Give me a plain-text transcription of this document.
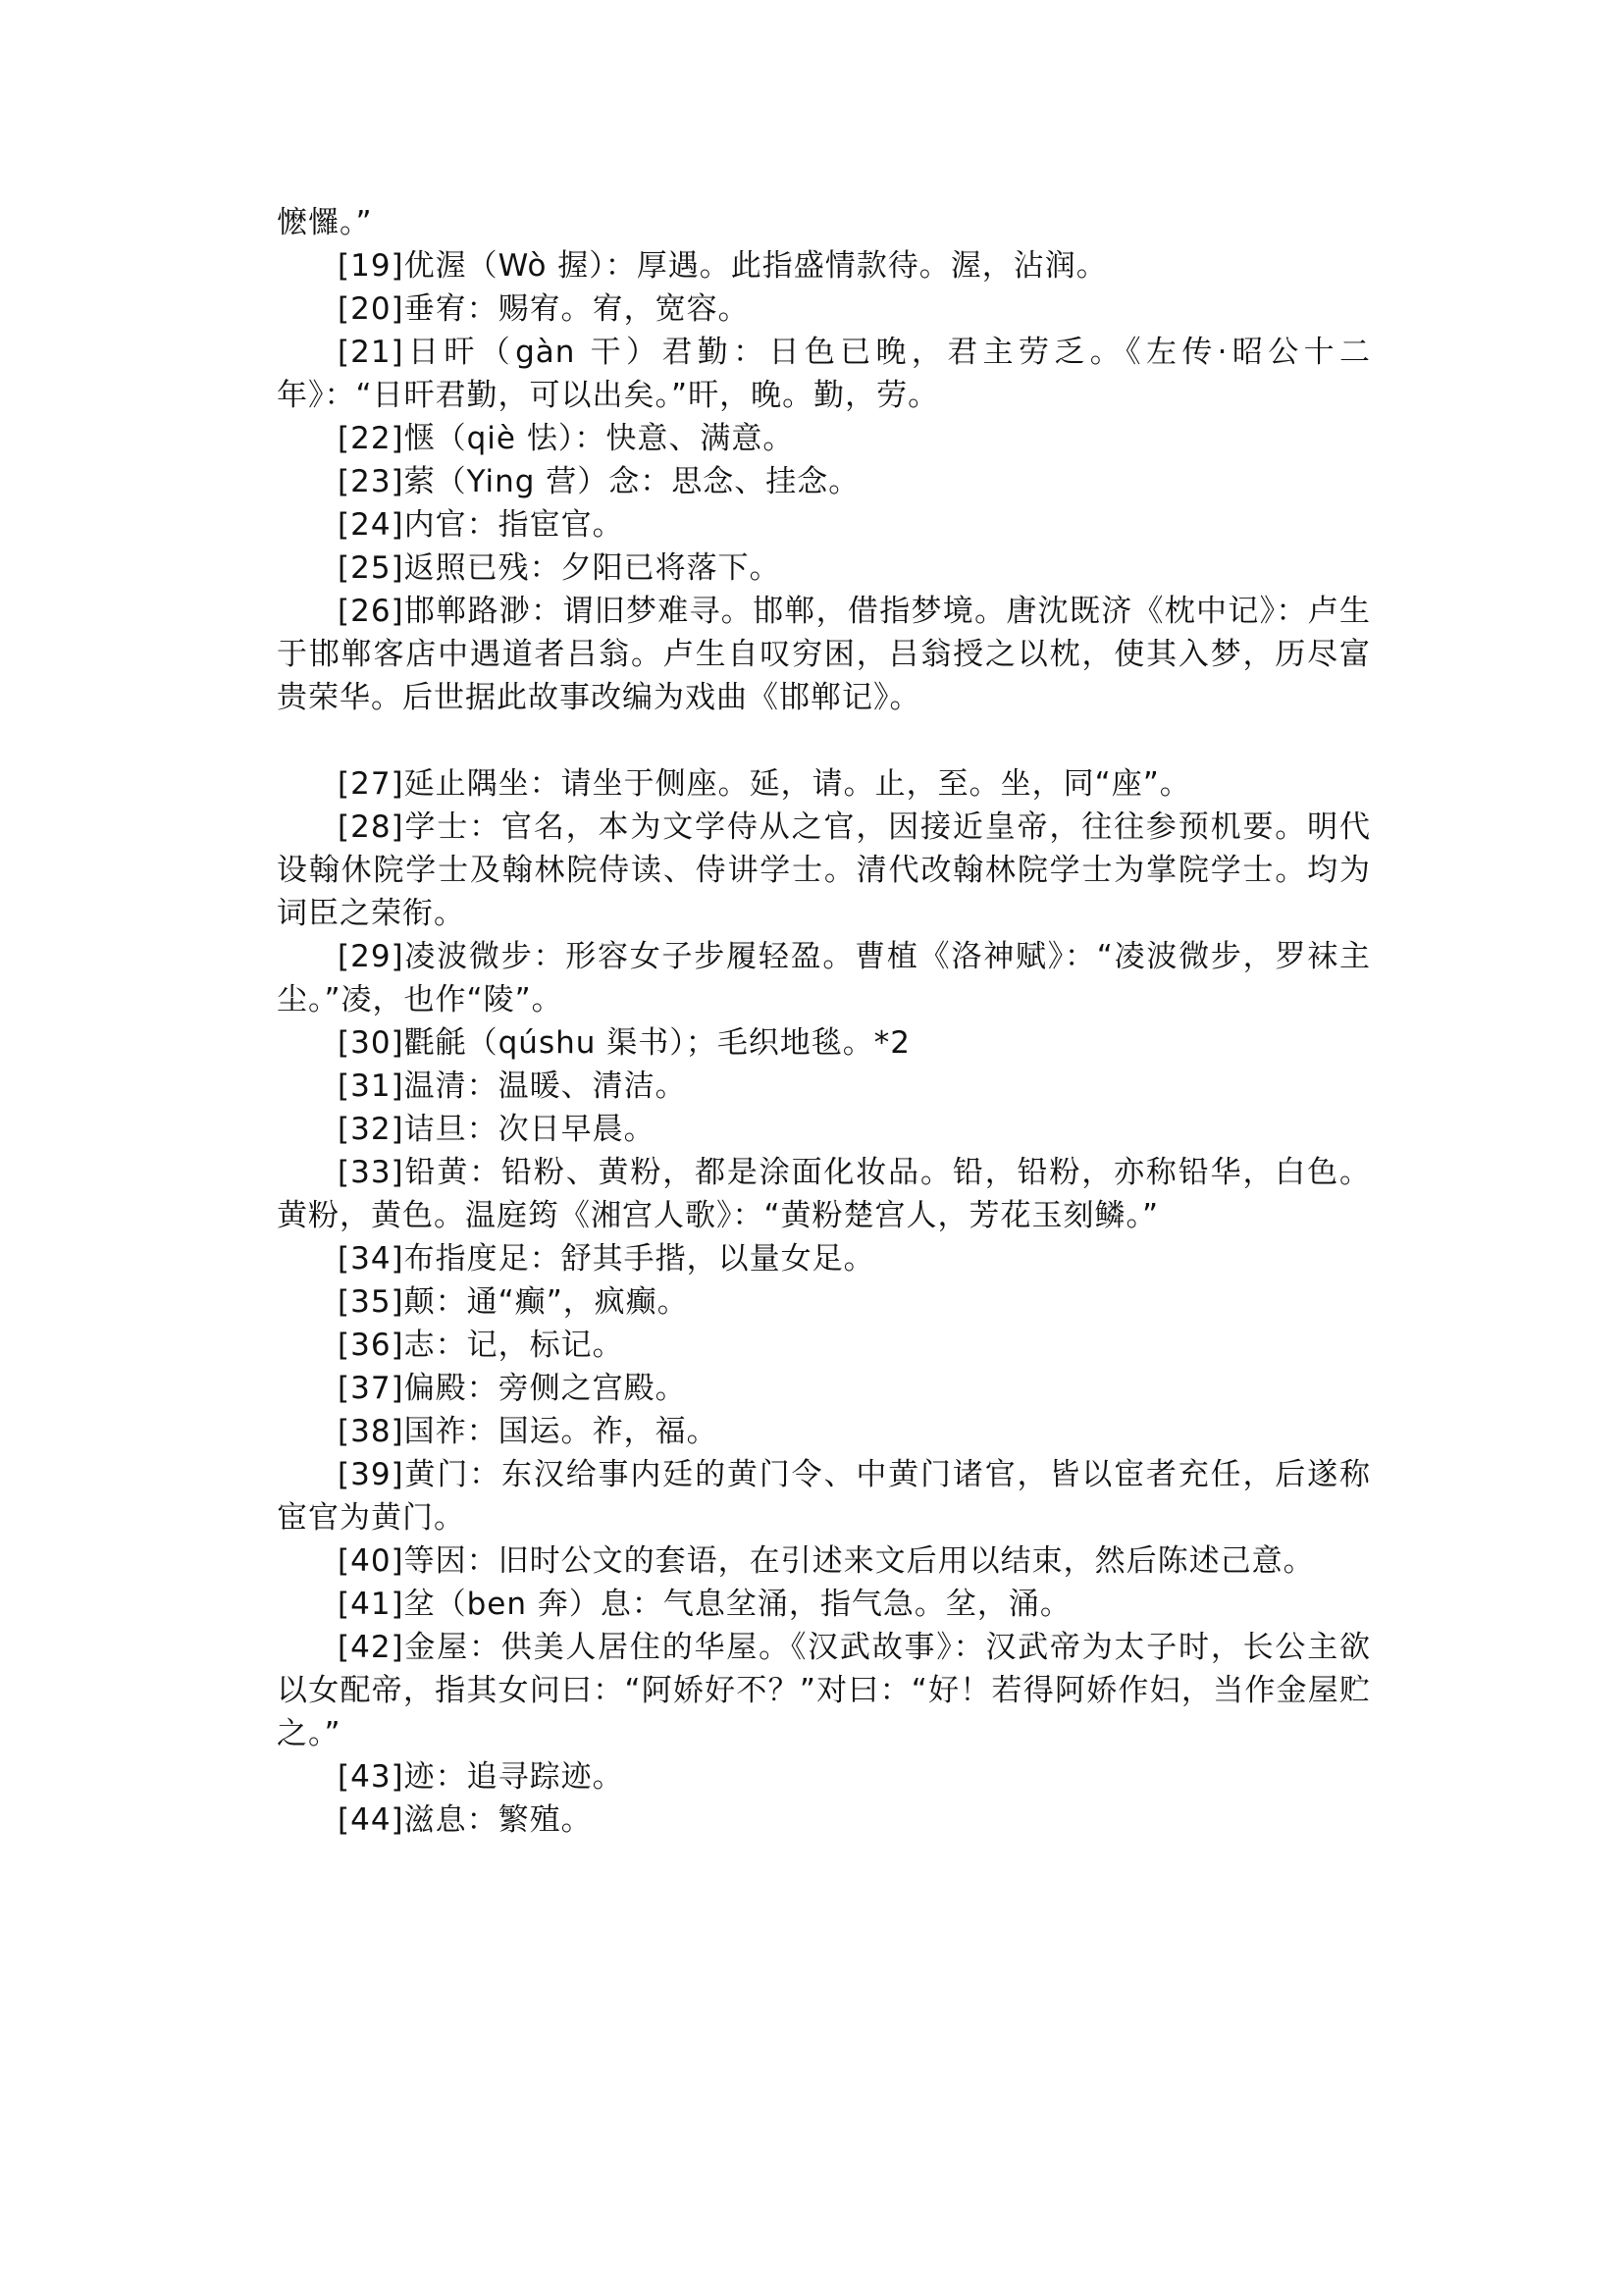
懡㦬。”

[19]优渥（Wò 握）：厚遇。此指盛情款待。渥，沾润。

[20]垂宥：赐宥。宥，宽容。

[21]日旰（gàn 干）君勤：日色已晚，君主劳乏。《左传·昭公十二年》：“日旰君勤，可以出矣。”旰，晚。勤，劳。

[22]惬（qiè 怯）：快意、满意。

[23]萦（Ying 营）念：思念、挂念。

[24]内官：指宦官。

[25]返照已残：夕阳已将落下。

[26]邯郸路渺：谓旧梦难寻。邯郸，借指梦境。唐沈既济《枕中记》：卢生于邯郸客店中遇道者吕翁。卢生自叹穷困，吕翁授之以枕，使其入梦，历尽富贵荣华。后世据此故事改编为戏曲《邯郸记》。

[27]延止隅坐：请坐于侧座。延，请。止，至。坐，同“座”。

[28]学士：官名，本为文学侍从之官，因接近皇帝，往往参预机要。明代设翰休院学士及翰林院侍读、侍讲学士。清代改翰林院学士为掌院学士。均为词臣之荣衔。

[29]凌波微步：形容女子步履轻盈。曹植《洛神赋》：“凌波微步，罗袜主尘。”凌，也作“陵”。

[30]氍毹（qúshu 渠书）；毛织地毯。*2

[31]温清：温暖、清洁。

[32]诘旦：次日早晨。

[33]铅黄：铅粉、黄粉，都是涂面化妆品。铅，铅粉，亦称铅华，白色。黄粉，黄色。温庭筠《湘宫人歌》：“黄粉楚宫人，芳花玉刻鳞。”

[34]布指度足：舒其手揩，以量女足。

[35]颠：通“癫”，疯癫。

[36]志：记，标记。

[37]偏殿：旁侧之宫殿。

[38]国祚：国运。祚，福。

[39]黄门：东汉给事内廷的黄门令、中黄门诸官，皆以宦者充任，后遂称宦官为黄门。

[40]等因：旧时公文的套语，在引述来文后用以结束，然后陈述己意。

[41]坌（ben 奔）息：气息坌涌，指气急。坌，涌。

[42]金屋：供美人居住的华屋。《汉武故事》：汉武帝为太子时，长公主欲以女配帝，指其女问曰：“阿娇好不？”对曰：“好！若得阿娇作妇，当作金屋贮之。”

[43]迹：追寻踪迹。

[44]滋息：繁殖。
